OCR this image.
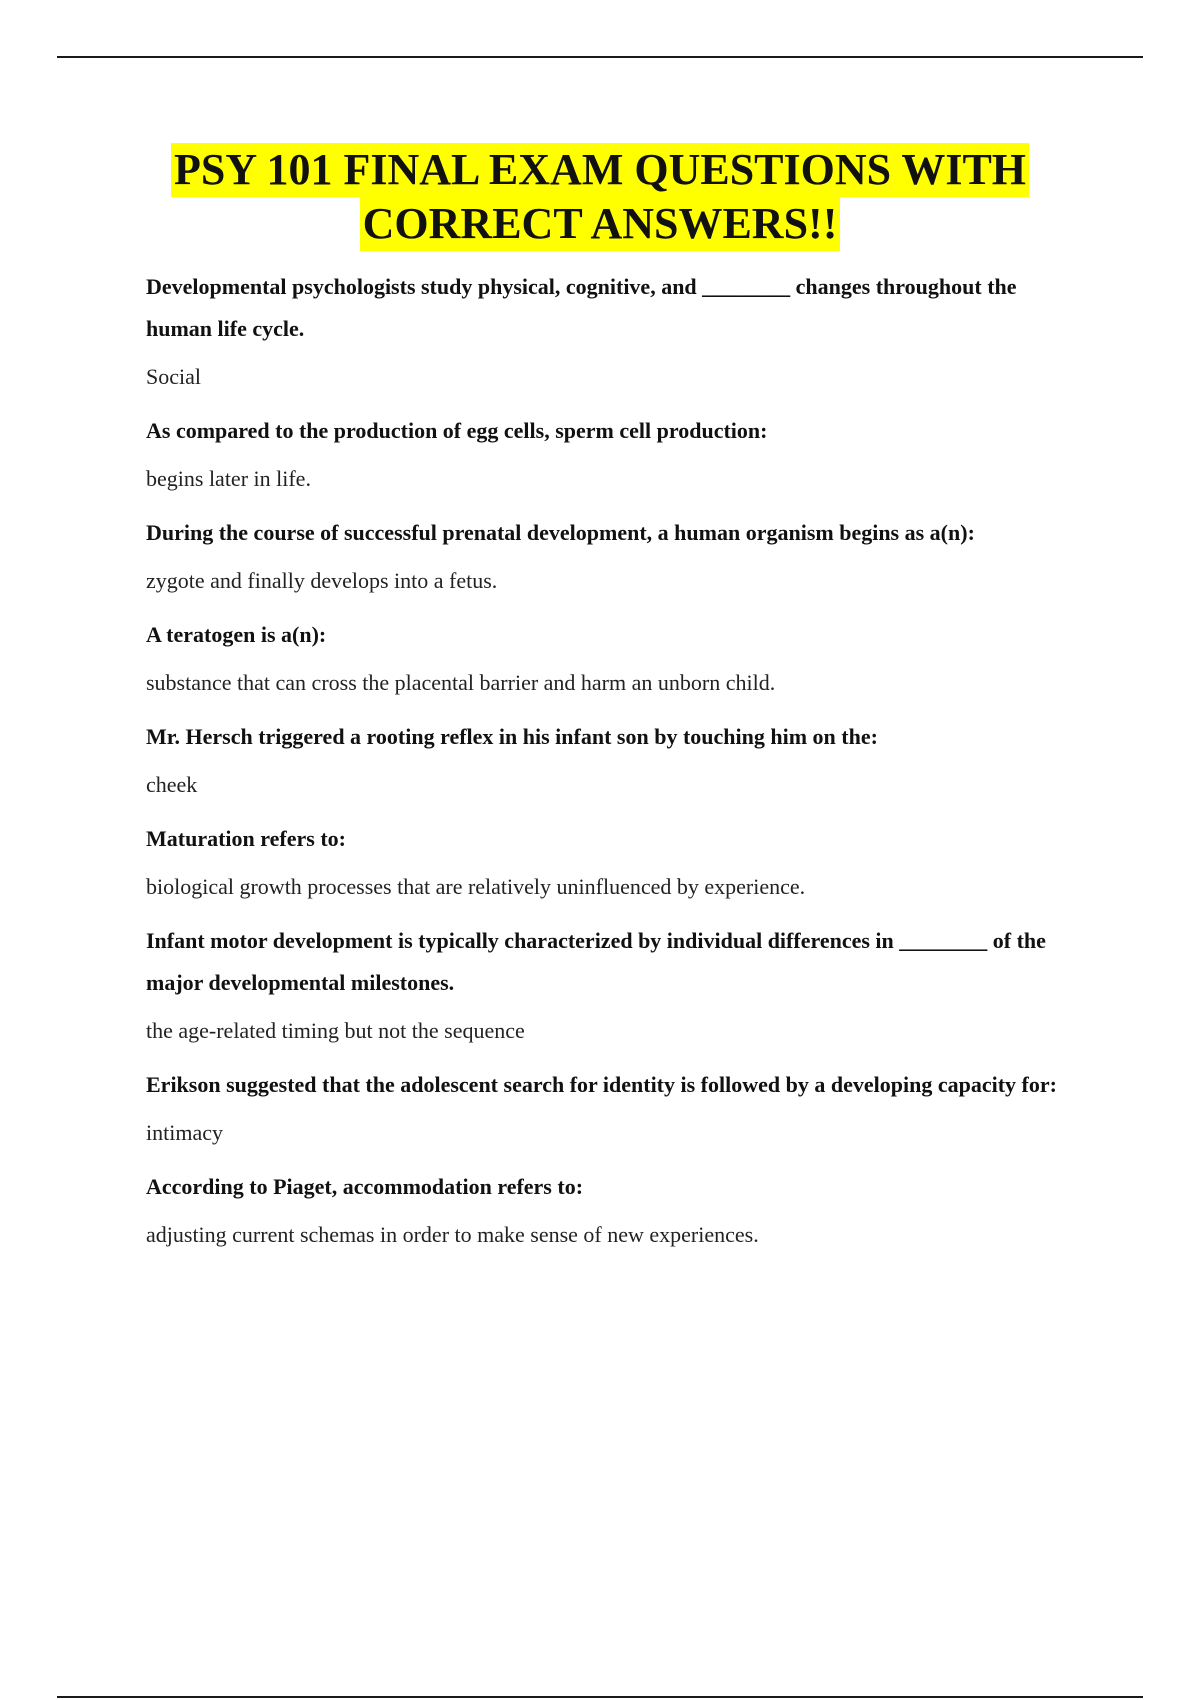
PSY 101 FINAL EXAM QUESTIONS WITH
CORRECT ANSWERS!!

Developmental psychologists study physical, cognitive, and ________ changes throughout the human life cycle.

Social

As compared to the production of egg cells, sperm cell production:

begins later in life.

During the course of successful prenatal development, a human organism begins as a(n):

zygote and finally develops into a fetus.

A teratogen is a(n):

substance that can cross the placental barrier and harm an unborn child.

Mr. Hersch triggered a rooting reflex in his infant son by touching him on the:

cheek

Maturation refers to:

biological growth processes that are relatively uninfluenced by experience.

Infant motor development is typically characterized by individual differences in ________ of the major developmental milestones.

the age-related timing but not the sequence

Erikson suggested that the adolescent search for identity is followed by a developing capacity for:

intimacy

According to Piaget, accommodation refers to:

adjusting current schemas in order to make sense of new experiences.
